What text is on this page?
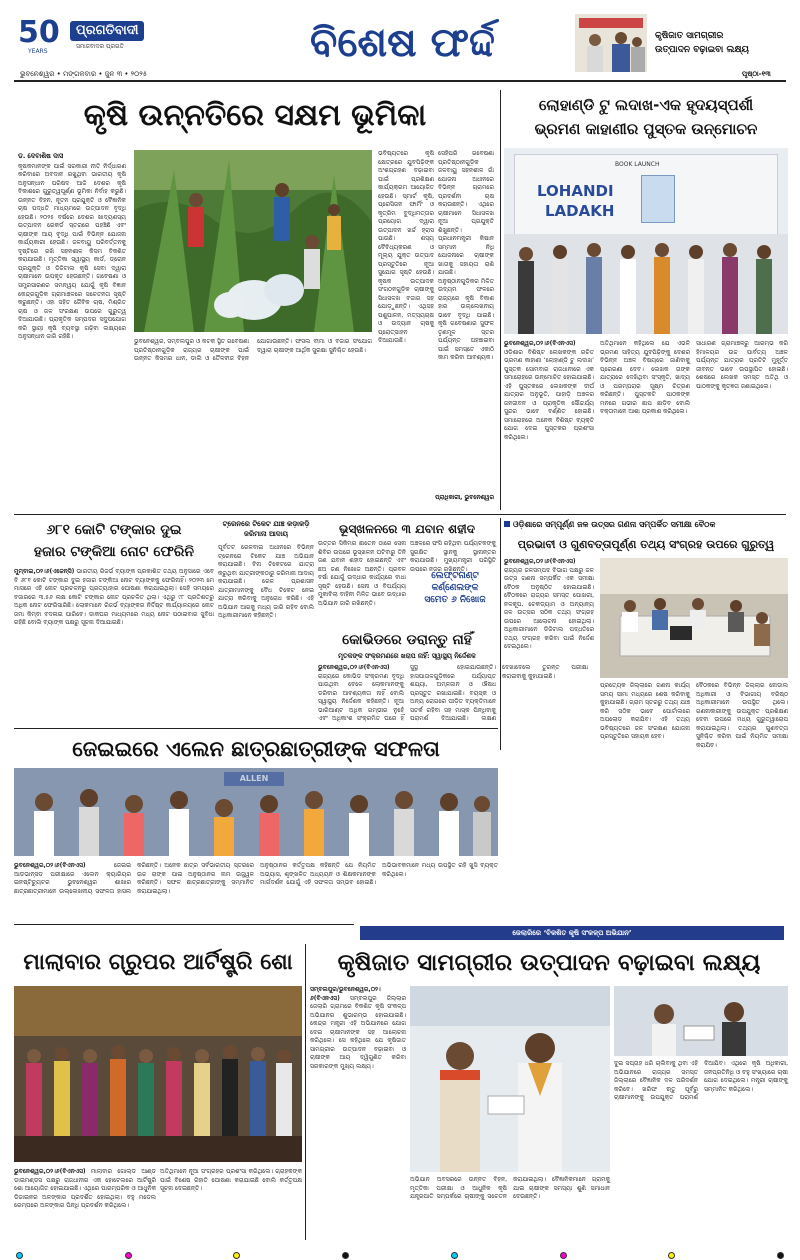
50
YEARS
ପ୍ରଗତିବାଦୀ
ସମାଜବାଦର ପ୍ରଗତି
ଭୁବନେଶ୍ୱର • ମଙ୍ଗଳବାର • ଜୁନ ୩ • ୨୦୨୫
ବିଶେଷ ଫର୍ଦ୍ଦ	କୃଷିଜାତ ସାମଗ୍ରୀର
ଉତ୍ପାଦନ ବଢ଼ାଇବା ଲକ୍ଷ୍ୟ
ପୃଷ୍ଠା-୧୩
କୃଷି ଉନ୍ନତିରେ ସକ୍ଷମ ଭୂମିକା
ଡ. ଦେବାଶିଷ ଦାସ
କୃଷକମାନଙ୍କ ପାଇଁ ସରକାରୀ ନୀତି ନିର୍ଦ୍ଧାରଣ କରିବାରେ ଅବଦାନ ରଖୁଥିବା ଭାରତୀୟ କୃଷି ଅନୁସନ୍ଧାନ ପରିଷଦ ଆଜି ଦେଶର କୃଷି ବିକାଶରେ ଗୁରୁତ୍ୱପୂର୍ଣ୍ଣ ଭୂମିକା ନିର୍ବାହ କରୁଛି। ଉନ୍ନତ ବିହନ, ନୂତନ ପ୍ରଯୁକ୍ତି ଓ ବୈଜ୍ଞାନିକ ଚାଷ ପଦ୍ଧତି ମାଧ୍ୟମରେ ଉତ୍ପାଦନ ବୃଦ୍ଧି ହେଉଛି। ୨୦୨୫ ବର୍ଷରେ ଦେଶର ଖାଦ୍ୟଶସ୍ୟ ଉତ୍ପାଦନ ରେକର୍ଡ ସ୍ତରରେ ପହଞ୍ଚିଛି ଏବଂ ଚାଷୀଙ୍କ ଆୟ ବୃଦ୍ଧି ପାଇଁ ବିଭିନ୍ନ ଯୋଜନା କାର୍ଯ୍ୟକାରୀ ହେଉଛି। ଜଳବାୟୁ ପରିବର୍ତ୍ତନକୁ ଦୃଷ୍ଟିରେ ରଖି ସହନଶୀଳ କିସମ ବିକଶିତ କରାଯାଉଛି। ମୃତ୍ତିକା ସ୍ୱାସ୍ଥ୍ୟ କାର୍ଡ, ଡ୍ରୋନ ପ୍ରଯୁକ୍ତି ଓ ଡିଜିଟାଲ କୃଷି ସେବା ଦ୍ୱାରା ଚାଷୀମାନେ ଉପକୃତ ହେଉଛନ୍ତି। ଗବେଷଣା ଓ ସମ୍ପ୍ରସାରଣର ସମନ୍ୱୟ ଯୋଗୁଁ କୃଷି ବିଜ୍ଞାନ କେନ୍ଦ୍ରଗୁଡ଼ିକ ଗ୍ରାମାଞ୍ଚଳରେ ସଚେତନତା ସୃଷ୍ଟି କରୁଛନ୍ତି। ଏହା ସହିତ ଜୈବିକ ଚାଷ, ମିଶ୍ରିତ ଚାଷ ଓ ଜଳ ସଂରକ୍ଷଣ ଉପରେ ଗୁରୁତ୍ୱ ଦିଆଯାଉଛି। ପ୍ରାକୃତିକ ସମ୍ପଦର ସଦୁପଯୋଗ କରି ସ୍ଥାୟୀ କୃଷି ବ୍ୟବସ୍ଥା ଗଢ଼ିବା ଲକ୍ଷ୍ୟରେ ଅନୁସନ୍ଧାନ ଜାରି ରହିଛି।
ଭୁବନେଶ୍ୱର, ସମ୍ବଲପୁର ଓ କଟକ ସ୍ଥିତ ଗବେଷଣା ପ୍ରତିଷ୍ଠାନଗୁଡ଼ିକ ରାଜ୍ୟର ଚାଷୀଙ୍କ ପାଇଁ ଉନ୍ନତ କିସମର ଧାନ, ଡାଲି ଓ ତୈଳବୀଜ ବିହନ ଯୋଗାଉଛନ୍ତି। ଫସଲ ବୀମା ଓ ବଜାର ସଂଯୋଗ ଦ୍ୱାରା ଚାଷୀଙ୍କ ଆର୍ଥିକ ସୁରକ୍ଷା ସୁନିଶ୍ଚିତ ହେଉଛି।
ଭବିଷ୍ୟତରେ କୃଷି କ୍ଷେତ୍ରରେ ଯୁବପିଢ଼ିଙ୍କ ଅଂଶଗ୍ରହଣ ବଢ଼ାଇବା ପାଇଁ ପ୍ରଶିକ୍ଷଣ କାର୍ଯ୍ୟକ୍ରମ ଆୟୋଜିତ ହେଉଛି। ସ୍ମାର୍ଟ କୃଷି, ପ୍ରେସିଜନ ଫାର୍ମିଂ ଓ କୃତ୍ରିମ ବୁଦ୍ଧିମତ୍ତାର ପ୍ରୟୋଗ ଦ୍ୱାରା ଉତ୍ପାଦନ ଖର୍ଚ୍ଚ ହ୍ରାସ ପାଉଛି। ଶସ୍ୟ ବୈବିଧ୍ୟକରଣ ଓ ମୂଲ୍ୟ ଯୁକ୍ତ ଉତ୍ପାଦ ପ୍ରସ୍ତୁତିରେ ନୂଆ ସୁଯୋଗ ସୃଷ୍ଟି ହେଉଛି। କୃଷକ ଉତ୍ପାଦକ ସଂଗଠନଗୁଡ଼ିକ ଚାଷୀଙ୍କୁ ସିଧାସଳଖ ବଜାର ସହ ଯୋଡ଼ୁଛନ୍ତି। ଏଥିସହ ପଶୁପାଳନ, ମତ୍ସ୍ୟଚାଷ ଓ ଉଦ୍ୟାନ ଚାଷକୁ ପ୍ରୋତ୍ସାହନ ଦିଆଯାଉଛି।
ସେହିପରି ଗବେଷଣା ପ୍ରତିଷ୍ଠାନଗୁଡ଼ିକ ଜଳବାୟୁ ସହନଶୀଳ ଗାଁ ଯୋଜନା ଅଧୀନରେ ବିଭିନ୍ନ ଗ୍ରାମରେ ପ୍ରଦର୍ଶନୀ ଚାଷ କରାଉଛନ୍ତି। ଏଥିରେ ଚାଷୀମାନେ ସିଧାସଳଖ ନୂଆ ପ୍ରଯୁକ୍ତି ଶିଖୁଛନ୍ତି। ପ୍ରଧାନମନ୍ତ୍ରୀ କିଷାନ ସମ୍ମାନ ନିଧି ଯୋଜନାରେ ଚାଷୀଙ୍କ ଖାତାକୁ ସହାୟତା ରାଶି ଯାଉଛି। ଅନୁଷ୍ଠାନଗୁଡ଼ିକର ମିଳିତ ଉଦ୍ୟମ ଫଳରେ ରାଜ୍ୟରେ କୃଷି ବିକାଶ ହାର ଉଲ୍ଲେଖନୀୟ ଭାବେ ବୃଦ୍ଧି ପାଇଛି। କୃଷି ଗବେଷଣାର ସୁଫଳ ତୃଣମୂଳ ସ୍ତର ପର୍ଯ୍ୟନ୍ତ ପହଞ୍ଚାଇବା ପାଇଁ ସମସ୍ତେ ଏକାଠି କାମ କରିବା ଆବଶ୍ୟକ।
ପ୍ରାଧିକାରୀ, ଭୁବନେଶ୍ୱର
ଲୋହାଣ୍ଡି ଟୁ ଲଦାଖ-ଏକ ହୃଦୟସ୍ପର୍ଶୀ
ଭ୍ରମଣ କାହାଣୀର ପୁସ୍ତକ ଉନ୍ମୋଚନ
BOOK LAUNCH
LOHANDI
LADAKH
ଭୁବନେଶ୍ୱର,୦୨।୬(ବିଏନଏସ) ଓଡ଼ିଶାର ବିଶିଷ୍ଟ ଲେଖକଙ୍କ ରଚିତ ଭ୍ରମଣ କାହାଣୀ ‘ଲୋହାଣ୍ଡି ଟୁ ଲଦାଖ’ ପୁସ୍ତକ ସୋମବାର ରାଜଧାନୀରେ ଏକ ସମାରୋହରେ ଉନ୍ମୋଚିତ ହୋଇଯାଇଛି। ଏହି ପୁସ୍ତକରେ ଲେଖକଙ୍କ ଦୀର୍ଘ ଯାତ୍ରାର ଅନୁଭୂତି, ପାହାଡ଼ି ଅଞ୍ଚଳର ଜନଜୀବନ ଓ ପ୍ରାକୃତିକ ସୌନ୍ଦର୍ଯ୍ୟ ସୁନ୍ଦର ଭାବେ ବର୍ଣ୍ଣିତ ହୋଇଛି। ସମାରୋହରେ ଅନେକ ବିଶିଷ୍ଟ ବ୍ୟକ୍ତି ଯୋଗ ଦେଇ ପୁସ୍ତକର ପ୍ରଶଂସା କରିଥିଲେ।
ଅତିଥିମାନେ କହିଥିଲେ ଯେ ଏଭଳି ଭ୍ରମଣ ସାହିତ୍ୟ ଯୁବପିଢ଼ିଙ୍କୁ ଦେଶର ବିଭିନ୍ନ ଅଞ୍ଚଳ ବିଷୟରେ ଜାଣିବାକୁ ପ୍ରେରଣା ଦେବ। ଲେଖକ ତାଙ୍କ ଯାତ୍ରାରେ ଦେଖିଥିବା ସଂସ୍କୃତି, ଖାଦ୍ୟ ଓ ପରମ୍ପରାର ସୂକ୍ଷ୍ମ ଚିତ୍ରଣ କରିଛନ୍ତି। ପୁସ୍ତକଟି ପାଠକଙ୍କ ମନରେ ଗଭୀର ଛାପ ଛାଡ଼ିବ ବୋଲି ବକ୍ତାମାନେ ଆଶା ପ୍ରକାଶ କରିଥିଲେ।
ସାଧାରଣ ଗ୍ରାମାଞ୍ଚଳରୁ ଆରମ୍ଭ କରି ହିମାଳୟର ଉଚ୍ଚ ପାର୍ବତ୍ୟ ଅଞ୍ଚଳ ପର୍ଯ୍ୟନ୍ତ ଯାତ୍ରାର ପ୍ରତିଟି ମୁହୂର୍ତ୍ତ ଜୀବନ୍ତ ଭାବେ ଉପସ୍ଥାପିତ ହୋଇଛି। ଶେଷରେ ଲେଖକ ସମସ୍ତ ଅତିଥି ଓ ପାଠକଙ୍କୁ କୃତଜ୍ଞତା ଜଣାଇଥିଲେ।
୬୮୧ କୋଟି ଟଙ୍କାର ଦୁଇ
ହଜାର ଟଙ୍କିଆ ନୋଟ ଫେରିନି
ମୁମ୍ବାଇ,୦୨।୬(ଏଜେନ୍ସି) ଭାରତୀୟ ରିଜର୍ଭ ବ୍ୟାଙ୍କ ପ୍ରକାଶିତ ତଥ୍ୟ ଅନୁସାରେ ଏବେ ବି ୬୮୧ କୋଟି ଟଙ୍କାର ଦୁଇ ହଜାର ଟଙ୍କିଆ ନୋଟ ବ୍ୟାଙ୍କକୁ ଫେରିନାହିଁ। ୨୦୨୩ ମେ ମାସରେ ଏହି ନୋଟ ପ୍ରଚଳନରୁ ପ୍ରତ୍ୟାହାର ଘୋଷଣା କରାଯାଇଥିଲା। ସେହି ସମୟରେ ବଜାରରେ ୩.୫୬ ଲକ୍ଷ କୋଟି ଟଙ୍କାର ନୋଟ ପ୍ରଚଳିତ ଥିଲା। ଏଥିରୁ ୯୮ ପ୍ରତିଶତରୁ ଅଧିକ ନୋଟ ଫେରିସାରିଛି। ଲୋକମାନେ ରିଜର୍ଭ ବ୍ୟାଙ୍କର ନିର୍ଦ୍ଦିଷ୍ଟ କାର୍ଯ୍ୟାଳୟରେ ନୋଟ ଜମା କିମ୍ବା ବଦଳାଇ ପାରିବେ। ଡାକଘର ମାଧ୍ୟମରେ ମଧ୍ୟ ନୋଟ ପଠାଇବାର ସୁବିଧା ରହିଛି ବୋଲି ବ୍ୟାଙ୍କ ପକ୍ଷରୁ ସୂଚନା ଦିଆଯାଇଛି।
ଟ୍ରେନରେ ଟିକେଟ ଯାଞ୍ଚ କଡ଼ାକଡ଼ି
ଜରିମାନା ଆଦାୟ
ପୂର୍ବତଟ ରେଳବାଇ ଅଧୀନରେ ବିଭିନ୍ନ ଟ୍ରେନରେ ଟିକେଟ ଯାଞ୍ଚ ଅଭିଯାନ କରାଯାଇଛି। ବିନା ଟିକେଟରେ ଯାତ୍ରା କରୁଥିବା ଯାତ୍ରୀଙ୍କଠାରୁ ଜରିମାନା ଆଦାୟ କରାଯାଇଛି। ରେଳ ପ୍ରଶାସନ ଯାତ୍ରୀମାନଙ୍କୁ ବୈଧ ଟିକେଟ ନେଇ ଯାତ୍ରା କରିବାକୁ ଅନୁରୋଧ କରିଛି। ଏହି ଅଭିଯାନ ଆଗକୁ ମଧ୍ୟ ଜାରି ରହିବ ବୋଲି ଅଧିକାରୀମାନେ କହିଛନ୍ତି।
ଭୂସ୍ଖଳନରେ ୩ ଯବାନ ଶହୀଦ
ଉତ୍ତର ସିକିମର ଛାତେନ ଠାରେ ସେନା ଶିବିର ଉପରେ ଭୂସ୍ଖଳନ ଘଟିବାରୁ ତିନି ଜଣ ଯବାନ ଶହୀଦ ହୋଇଛନ୍ତି ଏବଂ ଛଅ ଜଣ ନିଖୋଜ ଅଛନ୍ତି। ପ୍ରବଳ ବର୍ଷା ଯୋଗୁଁ ଉଦ୍ଧାର କାର୍ଯ୍ୟରେ ବାଧା ସୃଷ୍ଟି ହେଉଛି। ସେନା ଓ ବିପର୍ଯ୍ୟୟ ମୁକାବିଲା ବାହିନୀ ମିଳିତ ଭାବେ ଉଦ୍ଧାର ଅଭିଯାନ ଜାରି ରଖିଛନ୍ତି।
ଅଞ୍ଚଳରେ ଫସି ରହିଥିବା ପର୍ଯ୍ୟଟକଙ୍କୁ ସୁରକ୍ଷିତ ସ୍ଥାନକୁ ସ୍ଥାନାନ୍ତର କରାଯାଉଛି। ମୁଖ୍ୟମନ୍ତ୍ରୀ ପରିସ୍ଥିତି ଉପରେ ନଜର ରଖିଛନ୍ତି।
ଲେଫ୍ଟନାଣ୍ଟ
କର୍ଣ୍ଣେଲଙ୍କ
ସମେତ ୬ ନିଖୋଜ
କୋଭିଡରେ ଡରାନ୍ତୁ ନାହିଁ
ମୃତକଙ୍କ ସଂକ୍ରମଣରେ ଖରାପ ନାହିଁ: ସ୍ୱାସ୍ଥ୍ୟ ନିର୍ଦ୍ଦେଶକ
ଭୁବନେଶ୍ୱର,୦୨।୬(ବିଏନଏସ) ରାଜ୍ୟରେ କୋଭିଡ ସଂକ୍ରମଣ ବୃଦ୍ଧି ପାଉଥିବା ବେଳେ ଲୋକମାନଙ୍କୁ ଡରିବାର ଆବଶ୍ୟକତା ନାହିଁ ବୋଲି ସ୍ୱାସ୍ଥ୍ୟ ନିର୍ଦ୍ଦେଶକ କହିଛନ୍ତି। ନୂଆ ଭାରିଆଣ୍ଟ ଅଧିକ ଗମ୍ଭୀର ନୁହେଁ ଏବଂ ଅଧିକାଂଶ ସଂକ୍ରମିତ ଘରେ ହିଁ ସୁସ୍ଥ ହୋଇଯାଉଛନ୍ତି। ହାସପାତାଳଗୁଡ଼ିକରେ ପର୍ଯ୍ୟାପ୍ତ ଶଯ୍ୟା, ଅମ୍ଳଜାନ ଓ ଔଷଧ ପ୍ରସ୍ତୁତ ରଖାଯାଇଛି। ବୟସ୍କ ଓ ଅନ୍ୟ ରୋଗରେ ପୀଡ଼ିତ ବ୍ୟକ୍ତିମାନେ ସତର୍କ ରହିବା ସହ ମାସ୍କ ପିନ୍ଧିବାକୁ ପରାମର୍ଶ ଦିଆଯାଇଛି। ଲକ୍ଷଣ ଦେଖାଦେଲେ ତୁରନ୍ତ ପରୀକ୍ଷା କରାଇବାକୁ କୁହାଯାଇଛି।
ଓଡ଼ିଶାରେ ସମ୍ପୂର୍ଣ୍ଣ ଜଳ ଉତ୍ସର ଗଣନା ସମ୍ପର୍କିତ ସମୀକ୍ଷା ବୈଠକ
ପ୍ରଭାବୀ ଓ ଗୁଣବତ୍ତାପୂର୍ଣ୍ଣ ତଥ୍ୟ ସଂଗ୍ରହ ଉପରେ ଗୁରୁତ୍ୱ
ଭୁବନେଶ୍ୱର,୦୨।୬(ବିଏନଏସ) ରାଜ୍ୟର ଜଳସମ୍ପଦ ବିଭାଗ ପକ୍ଷରୁ ଜଳ ଉତ୍ସ ଗଣନା ସମ୍ପର୍କିତ ଏକ ସମୀକ୍ଷା ବୈଠକ ଅନୁଷ୍ଠିତ ହୋଇଯାଇଛି। ବୈଠକରେ ରାଜ୍ୟର ସମସ୍ତ ପୋଖରୀ, ନଳକୂପ, ଚେକଡ୍ୟାମ ଓ ଅନ୍ୟାନ୍ୟ ଜଳ ଉତ୍ସର ସଠିକ ତଥ୍ୟ ସଂଗ୍ରହ ଉପରେ ଆଲୋଚନା ହୋଇଥିଲା। ଅଧିକାରୀମାନେ ଡିଜିଟାଲ ପଦ୍ଧତିରେ ତଥ୍ୟ ସଂଗ୍ରହ କରିବା ପାଇଁ ନିର୍ଦ୍ଦେଶ ଦେଇଥିଲେ।
ପ୍ରତ୍ୟେକ ଜିଲ୍ଲାରେ ଗଣନା କାର୍ଯ୍ୟ ସମୟ ସୀମା ମଧ୍ୟରେ ଶେଷ କରିବାକୁ କୁହାଯାଇଛି। ଗ୍ରାମ ସ୍ତରରୁ ତଥ୍ୟ ଯାଞ୍ଚ କରି ସଠିକ ଭାବେ ପୋର୍ଟାଲରେ ଅପଲୋଡ଼ କରାଯିବ। ଏହି ତଥ୍ୟ ଭବିଷ୍ୟତରେ ଜଳ ସଂରକ୍ଷଣ ଯୋଜନା ପ୍ରସ୍ତୁତିରେ ସହାୟକ ହେବ।
ବୈଠକରେ ବିଭିନ୍ନ ଜିଲ୍ଲାର ନୋଡାଲ ଅଧିକାରୀ ଓ ବିଭାଗୀୟ ବରିଷ୍ଠ ଅଧିକାରୀମାନେ ଉପସ୍ଥିତ ଥିଲେ। ଗଣନାକାରୀଙ୍କୁ ଉପଯୁକ୍ତ ପ୍ରଶିକ୍ଷଣ ଦେବା ଉପରେ ମଧ୍ୟ ଗୁରୁତ୍ୱାରୋପ କରାଯାଇଥିଲା। ତଥ୍ୟର ଗୁଣବତ୍ତା ସୁନିଶ୍ଚିତ କରିବା ପାଇଁ ନିୟମିତ ସମୀକ୍ଷା କରାଯିବ।
ଜେଇଇରେ ଏଲେନ ଛାତ୍ରଛାତ୍ରୀଙ୍କ ସଫଳତା
ଭୁବନେଶ୍ୱର,୦୨।୬(ବିଏନଏସ)	ଜେଇଇ ଆଡଭାନ୍ସଡ ପରୀକ୍ଷାରେ ଏଲେନ କ୍ୟାରିୟର ଇନଷ୍ଟିଚ୍ୟୁଟର ଭୁବନେଶ୍ୱର ଶାଖାର ଛାତ୍ରଛାତ୍ରୀମାନେ ଉଲ୍ଲେଖନୀୟ ସଫଳତା ହାସଲ କରିଛନ୍ତି। ଅନେକ ଛାତ୍ର ସର୍ବଭାରତୀୟ ସ୍ତରରେ ଉଚ୍ଚ ରାଙ୍କ ପାଇ ଅନୁଷ୍ଠାନର ନାମ ଉଜ୍ଜ୍ୱଳ କରିଛନ୍ତି। ସଫଳ ଛାତ୍ରଛାତ୍ରୀଙ୍କୁ ସମ୍ମାନିତ କରାଯାଇଥିଲା।
ଅନୁଷ୍ଠାନର କର୍ତ୍ତୃପକ୍ଷ କହିଛନ୍ତି ଯେ ନିୟମିତ ଅଭ୍ୟାସ, ଶୃଙ୍ଖଳିତ ଅଧ୍ୟୟନ ଓ ଶିକ୍ଷକମାନଙ୍କ ମାର୍ଗଦର୍ଶନ ଯୋଗୁଁ ଏହି ସଫଳତା ସମ୍ଭବ ହୋଇଛି। ଅଭିଭାବକମାନେ ମଧ୍ୟ ଉପସ୍ଥିତ ରହି ଖୁସି ବ୍ୟକ୍ତ କରିଥିଲେ।
ଜେଲାରିରେ ‘ବିକଶିତ କୃଷି ସଂକଳ୍ପ ଅଭିଯାନ’
ମାଲାବାର ଗ୍ରୁପର ଆର୍ଟିଷ୍ଟ୍ରି ଶୋ
ଭୁବନେଶ୍ୱର,୦୨।୬(ବିଏନଏସ) ମାଲାବାର ଗୋଲ୍ଡ ଆଣ୍ଡ ଡାଇମଣ୍ଡସ ପକ୍ଷରୁ ରାଜଧାନୀର ଏକ ହୋଟେଲରେ ଆର୍ଟିଷ୍ଟ୍ରି ଶୋ ଆୟୋଜିତ ହୋଇଯାଇଛି। ଏଥିରେ ପାରମ୍ପରିକ ଓ ଆଧୁନିକ ଡିଜାଇନର ଅଳଙ୍କାର ପ୍ରଦର୍ଶିତ ହୋଇଥିଲା। ବହୁ ମଡେଲ ରେମ୍ପରେ ଅଳଙ୍କାର ପିନ୍ଧି ପ୍ରଦର୍ଶନ କରିଥିଲେ।
ଅତିଥିମାନେ ନୂଆ ସଂଗ୍ରହର ପ୍ରଶଂସା କରିଥିଲେ। ଗ୍ରାହକଙ୍କ ପାଇଁ ବିଶେଷ ରିହାତି ଘୋଷଣା କରାଯାଇଛି ବୋଲି କର୍ତ୍ତୃପକ୍ଷ ସୂଚନା ଦେଇଛନ୍ତି।
କୃଷିଜାତ ସାମଗ୍ରୀର ଉତ୍ପାଦନ ବଢ଼ାଇବା ଲକ୍ଷ୍ୟ
ସମ୍ବଲପୁର/ଭୁବନେଶ୍ୱର,୦୨।୬(ବିଏନଏସ) ସମ୍ବଲପୁର ଜିଲ୍ଲାର ଜେଲାରି ଗ୍ରାମରେ ବିକଶିତ କୃଷି ସଂକଳ୍ପ ଅଭିଯାନର ଶୁଭାରମ୍ଭ ହୋଇଯାଇଛି। କେନ୍ଦ୍ର ମନ୍ତ୍ରୀ ଏହି ଅଭିଯାନରେ ଯୋଗ ଦେଇ ଚାଷୀମାନଙ୍କ ସହ ଆଲୋଚନା କରିଥିଲେ। ସେ କହିଥିଲେ ଯେ କୃଷିଜାତ ସାମଗ୍ରୀର ଉତ୍ପାଦନ ବଢ଼ାଇବା ଓ ଚାଷୀଙ୍କ ଆୟ ଦ୍ୱିଗୁଣିତ କରିବା ସରକାରଙ୍କ ମୁଖ୍ୟ ଲକ୍ଷ୍ୟ।
ଅଭିଯାନ ଅବସରରେ ଉନ୍ନତ ବିହନ, ମୃତ୍ତିକା ପରୀକ୍ଷା ଓ ଆଧୁନିକ କୃଷି ଯନ୍ତ୍ରପାତି ସମ୍ପର୍କରେ ଚାଷୀଙ୍କୁ ସଚେତନ କରାଯାଇଥିଲା। ବୈଜ୍ଞାନିକମାନେ ଗ୍ରାମକୁ ଯାଇ ଚାଷୀଙ୍କ ସମସ୍ୟା ଶୁଣି ସମାଧାନ ଦେଉଛନ୍ତି।
ଦୁଇ ସପ୍ତାହ ଧରି ଚାଲିବାକୁ ଥିବା ଏହି ଅଭିଯାନରେ ରାଜ୍ୟର ସମସ୍ତ ଜିଲ୍ଲାରେ ବୈଜ୍ଞାନିକ ଦଳ ପରିଦର୍ଶନ କରିବେ। ଖରିଫ ଋତୁ ପୂର୍ବରୁ ଚାଷୀମାନଙ୍କୁ ଉପଯୁକ୍ତ ପରାମର୍ଶ ଦିଆଯିବ। ଏଥିରେ କୃଷି ଅଧିକାରୀ, ଜନପ୍ରତିନିଧି ଓ ବହୁ ସଂଖ୍ୟାରେ ଚାଷୀ ଯୋଗ ଦେଇଥିଲେ। ମନ୍ତ୍ରୀ ଚାଷୀଙ୍କୁ ସମ୍ମାନିତ କରିଥିଲେ।
